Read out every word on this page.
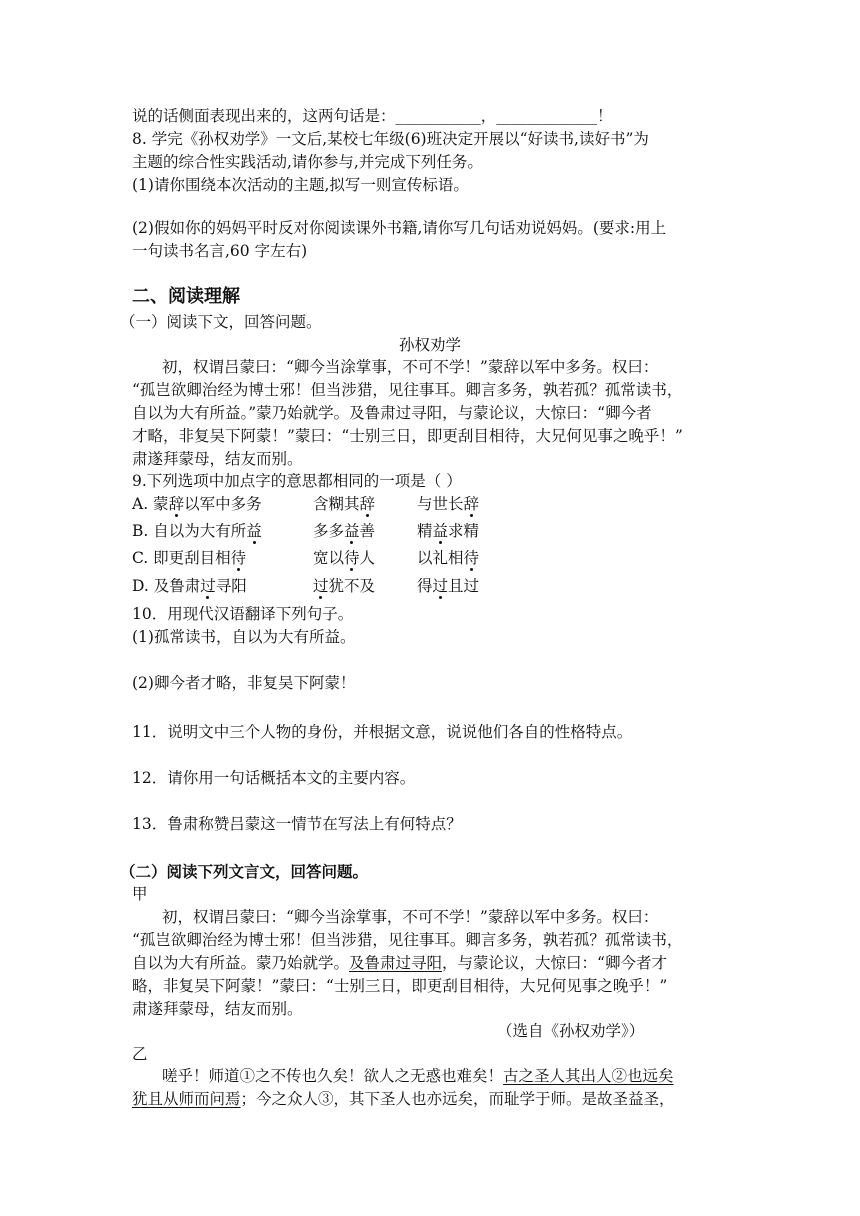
说的话侧面表现出来的，这两句话是：___________，_____________！
8. 学完《孙权劝学》一文后,某校七年级(6)班决定开展以“好读书,读好书”为
主题的综合性实践活动,请你参与,并完成下列任务。
(1)请你围绕本次活动的主题,拟写一则宣传标语。
(2)假如你的妈妈平时反对你阅读课外书籍,请你写几句话劝说妈妈。(要求:用上
一句读书名言,60 字左右)
二、阅读理解
（一）阅读下文，回答问题。
孙权劝学
初，权谓吕蒙曰：“卿今当涂掌事，不可不学！”蒙辞以军中多务。权曰：
“孤岂欲卿治经为博士邪！但当涉猎，见往事耳。卿言多务，孰若孤？孤常读书，
自以为大有所益。”蒙乃始就学。及鲁肃过寻阳，与蒙论议，大惊曰：“卿今者
才略，非复吴下阿蒙！”蒙曰：“士别三日，即更刮目相待，大兄何见事之晚乎！”
肃遂拜蒙母，结友而别。
9.下列选项中加点字的意思都相同的一项是（ ）
A. 蒙辞以军中多务	含糊其辞	与世长辞
B. 自以为大有所益	多多益善	精益求精
C. 即更刮目相待	宽以待人	以礼相待
D. 及鲁肃过寻阳	过犹不及	得过且过
10．用现代汉语翻译下列句子。
(1)孤常读书，自以为大有所益。
(2)卿今者才略，非复吴下阿蒙！
11．说明文中三个人物的身份，并根据文意，说说他们各自的性格特点。
12．请你用一句话概括本文的主要内容。
13．鲁肃称赞吕蒙这一情节在写法上有何特点？
（二）阅读下列文言文，回答问题。
甲
初，权谓吕蒙曰：“卿今当涂掌事，不可不学！”蒙辞以军中多务。权曰：
“孤岂欲卿治经为博士邪！但当涉猎，见往事耳。卿言多务，孰若孤？孤常读书，
自以为大有所益。蒙乃始就学。及鲁肃过寻阳，与蒙论议，大惊曰：“卿今者才
略，非复吴下阿蒙！”蒙曰：“士别三日，即更刮目相待，大兄何见事之晚乎！”
肃遂拜蒙母，结友而别。
（选自《孙权劝学》）
乙
嗟乎！师道①之不传也久矣！欲人之无惑也难矣！古之圣人其出人②也远矣
犹且从师而问焉；今之众人③，其下圣人也亦远矣，而耻学于师。是故圣益圣，
